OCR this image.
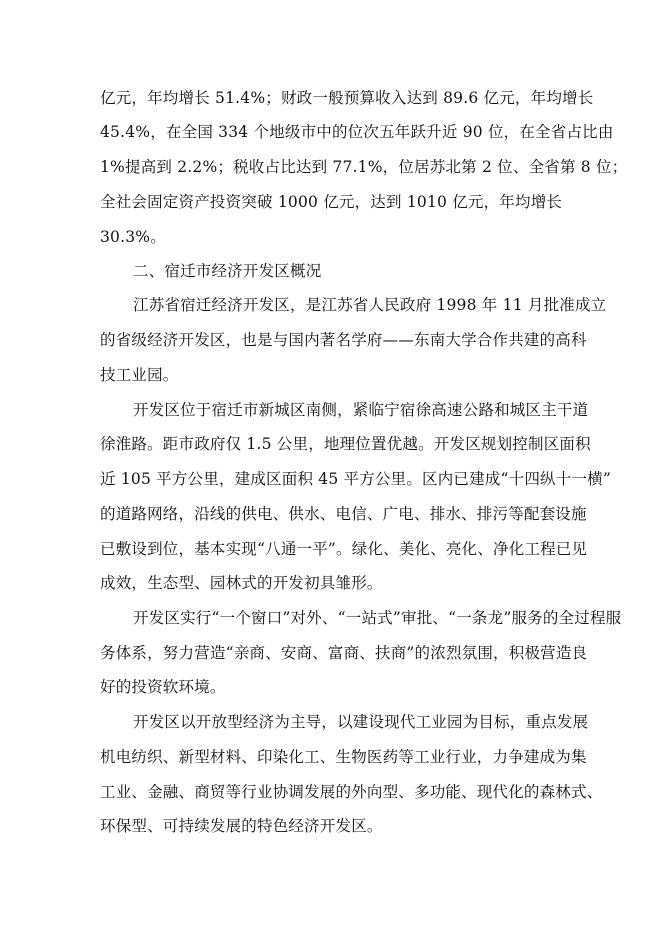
亿元，年均增长 51.4%；财政一般预算收入达到 89.6 亿元，年均增长
45.4%，在全国 334 个地级市中的位次五年跃升近 90 位，在全省占比由
1%提高到 2.2%；税收占比达到 77.1%，位居苏北第 2 位、全省第 8 位；
全社会固定资产投资突破 1000 亿元，达到 1010 亿元，年均增长
30.3%。
二、宿迁市经济开发区概况
江苏省宿迁经济开发区，是江苏省人民政府 1998 年 11 月批准成立
的省级经济开发区，也是与国内著名学府——东南大学合作共建的高科
技工业园。
开发区位于宿迁市新城区南侧，紧临宁宿徐高速公路和城区主干道
徐淮路。距市政府仅 1.5 公里，地理位置优越。开发区规划控制区面积
近 105 平方公里，建成区面积 45 平方公里。区内已建成“十四纵十一横”
的道路网络，沿线的供电、供水、电信、广电、排水、排污等配套设施
已敷设到位，基本实现“八通一平”。绿化、美化、亮化、净化工程已见
成效，生态型、园林式的开发初具雏形。
开发区实行“一个窗口”对外、“一站式”审批、“一条龙”服务的全过程服
务体系，努力营造“亲商、安商、富商、扶商”的浓烈氛围，积极营造良
好的投资软环境。
开发区以开放型经济为主导，以建设现代工业园为目标，重点发展
机电纺织、新型材料、印染化工、生物医药等工业行业，力争建成为集
工业、金融、商贸等行业协调发展的外向型、多功能、现代化的森林式、
环保型、可持续发展的特色经济开发区。
